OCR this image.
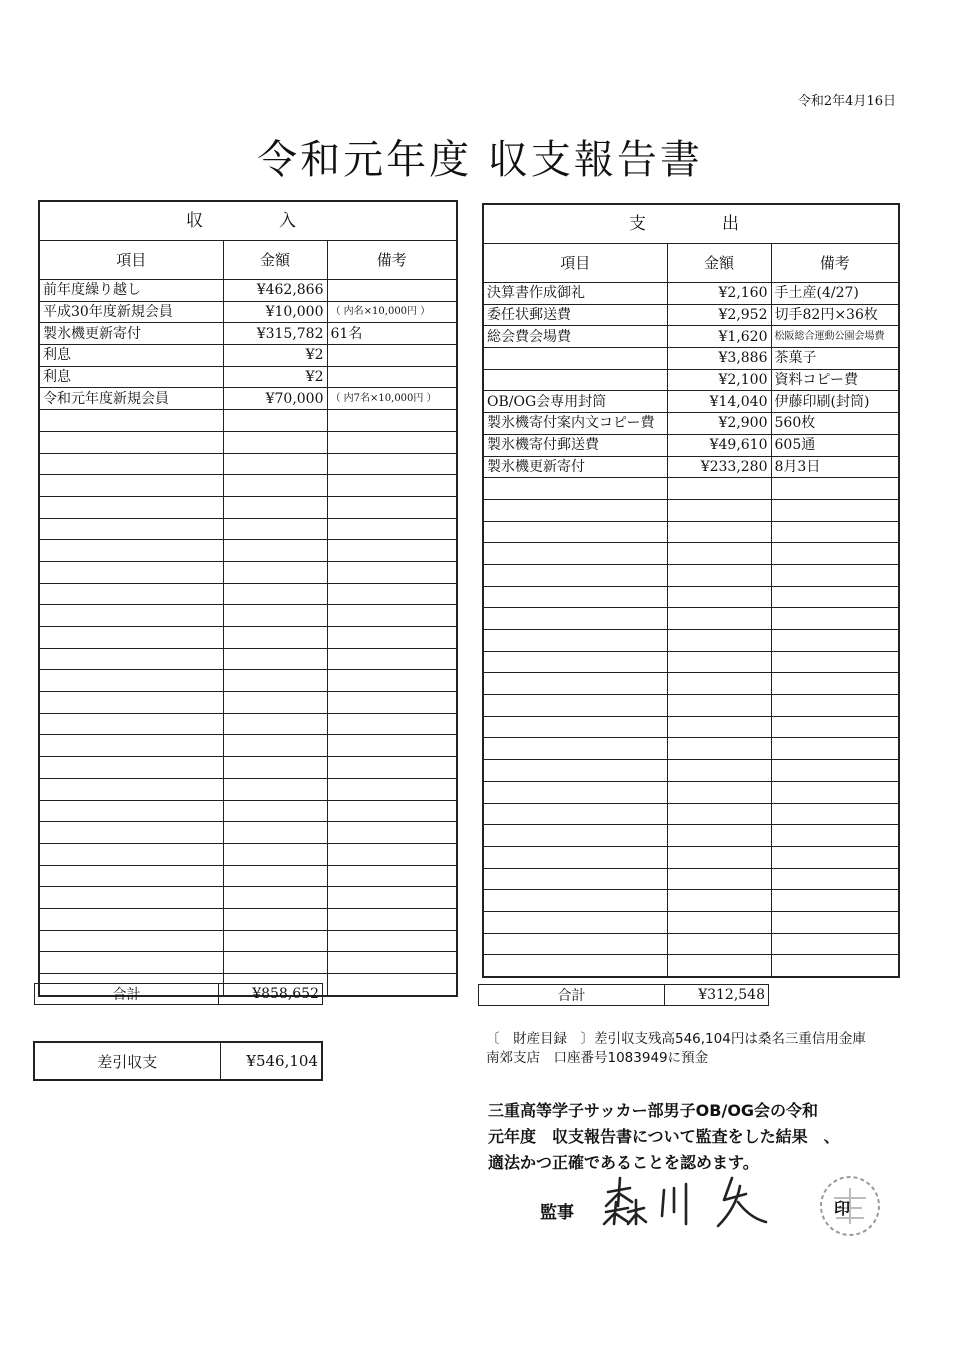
令和2年4月16日
令和元年度 収支報告書
収　　入		
項目	金額	備考
前年度繰り越し	¥462,866	
平成30年度新規会員	¥10,000	（ 内名×10,000円 ）
製氷機更新寄付	¥315,782	61名
利息	¥2	
利息	¥2	
令和元年度新規会員	¥70,000	（ 内7名×10,000円 ）

合計	¥858,652
支　　出		
項目	金額	備考
決算書作成御礼	¥2,160	手土産(4/27)
委任状郵送費	¥2,952	切手82円×36枚
総会費会場費	¥1,620	松阪総合運動公園会場費
	¥3,886	茶菓子
	¥2,100	資料コピー費
OB/OG会専用封筒	¥14,040	伊藤印刷(封筒)
製氷機寄付案内文コピー費	¥2,900	560枚
製氷機寄付郵送費	¥49,610	605通
製氷機更新寄付	¥233,280	8月3日

合計	¥312,548
差引収支	¥546,104
〔　財産目録　〕差引収支残高546,104円は桑名三重信用金庫
南郊支店　口座番号1083949に預金
三重高等学子サッカー部男子OB/OG会の令和
元年度　収支報告書について監査をした結果　、
適法かつ正確であることを認めます。
監事	印
